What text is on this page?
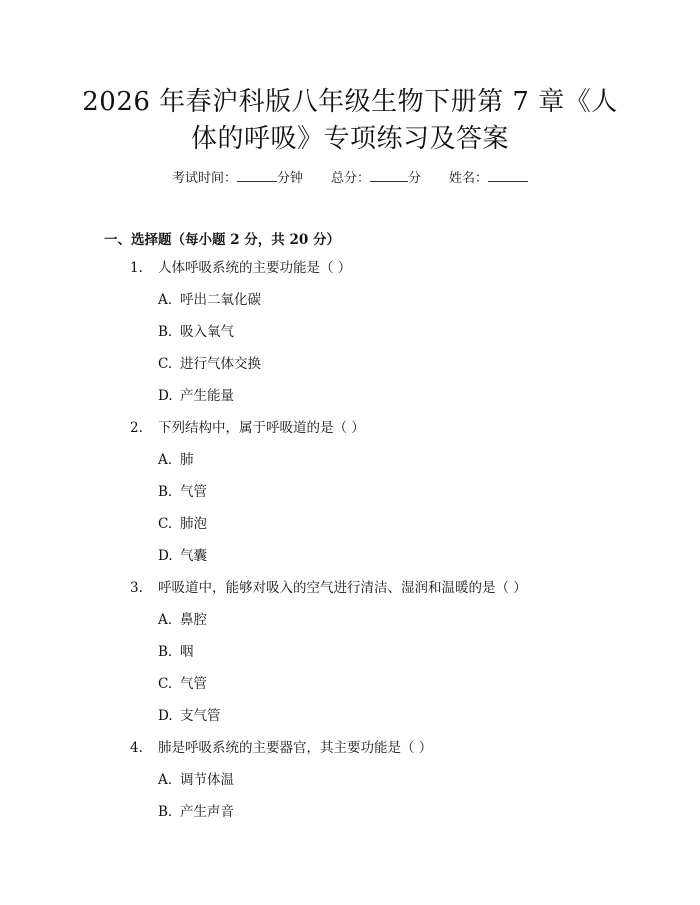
2026 年春沪科版八年级生物下册第 7 章《人
体的呼吸》专项练习及答案
考试时间：	分钟 总分：	分 姓名：
一、选择题（每小题 2 分，共 20 分）
1. 人体呼吸系统的主要功能是（ ）
A. 呼出二氧化碳
B. 吸入氧气
C. 进行气体交换
D. 产生能量
2. 下列结构中，属于呼吸道的是（ ）
A. 肺
B. 气管
C. 肺泡
D. 气囊
3. 呼吸道中，能够对吸入的空气进行清洁、湿润和温暖的是（ ）
A. 鼻腔
B. 咽
C. 气管
D. 支气管
4. 肺是呼吸系统的主要器官，其主要功能是（ ）
A. 调节体温
B. 产生声音
